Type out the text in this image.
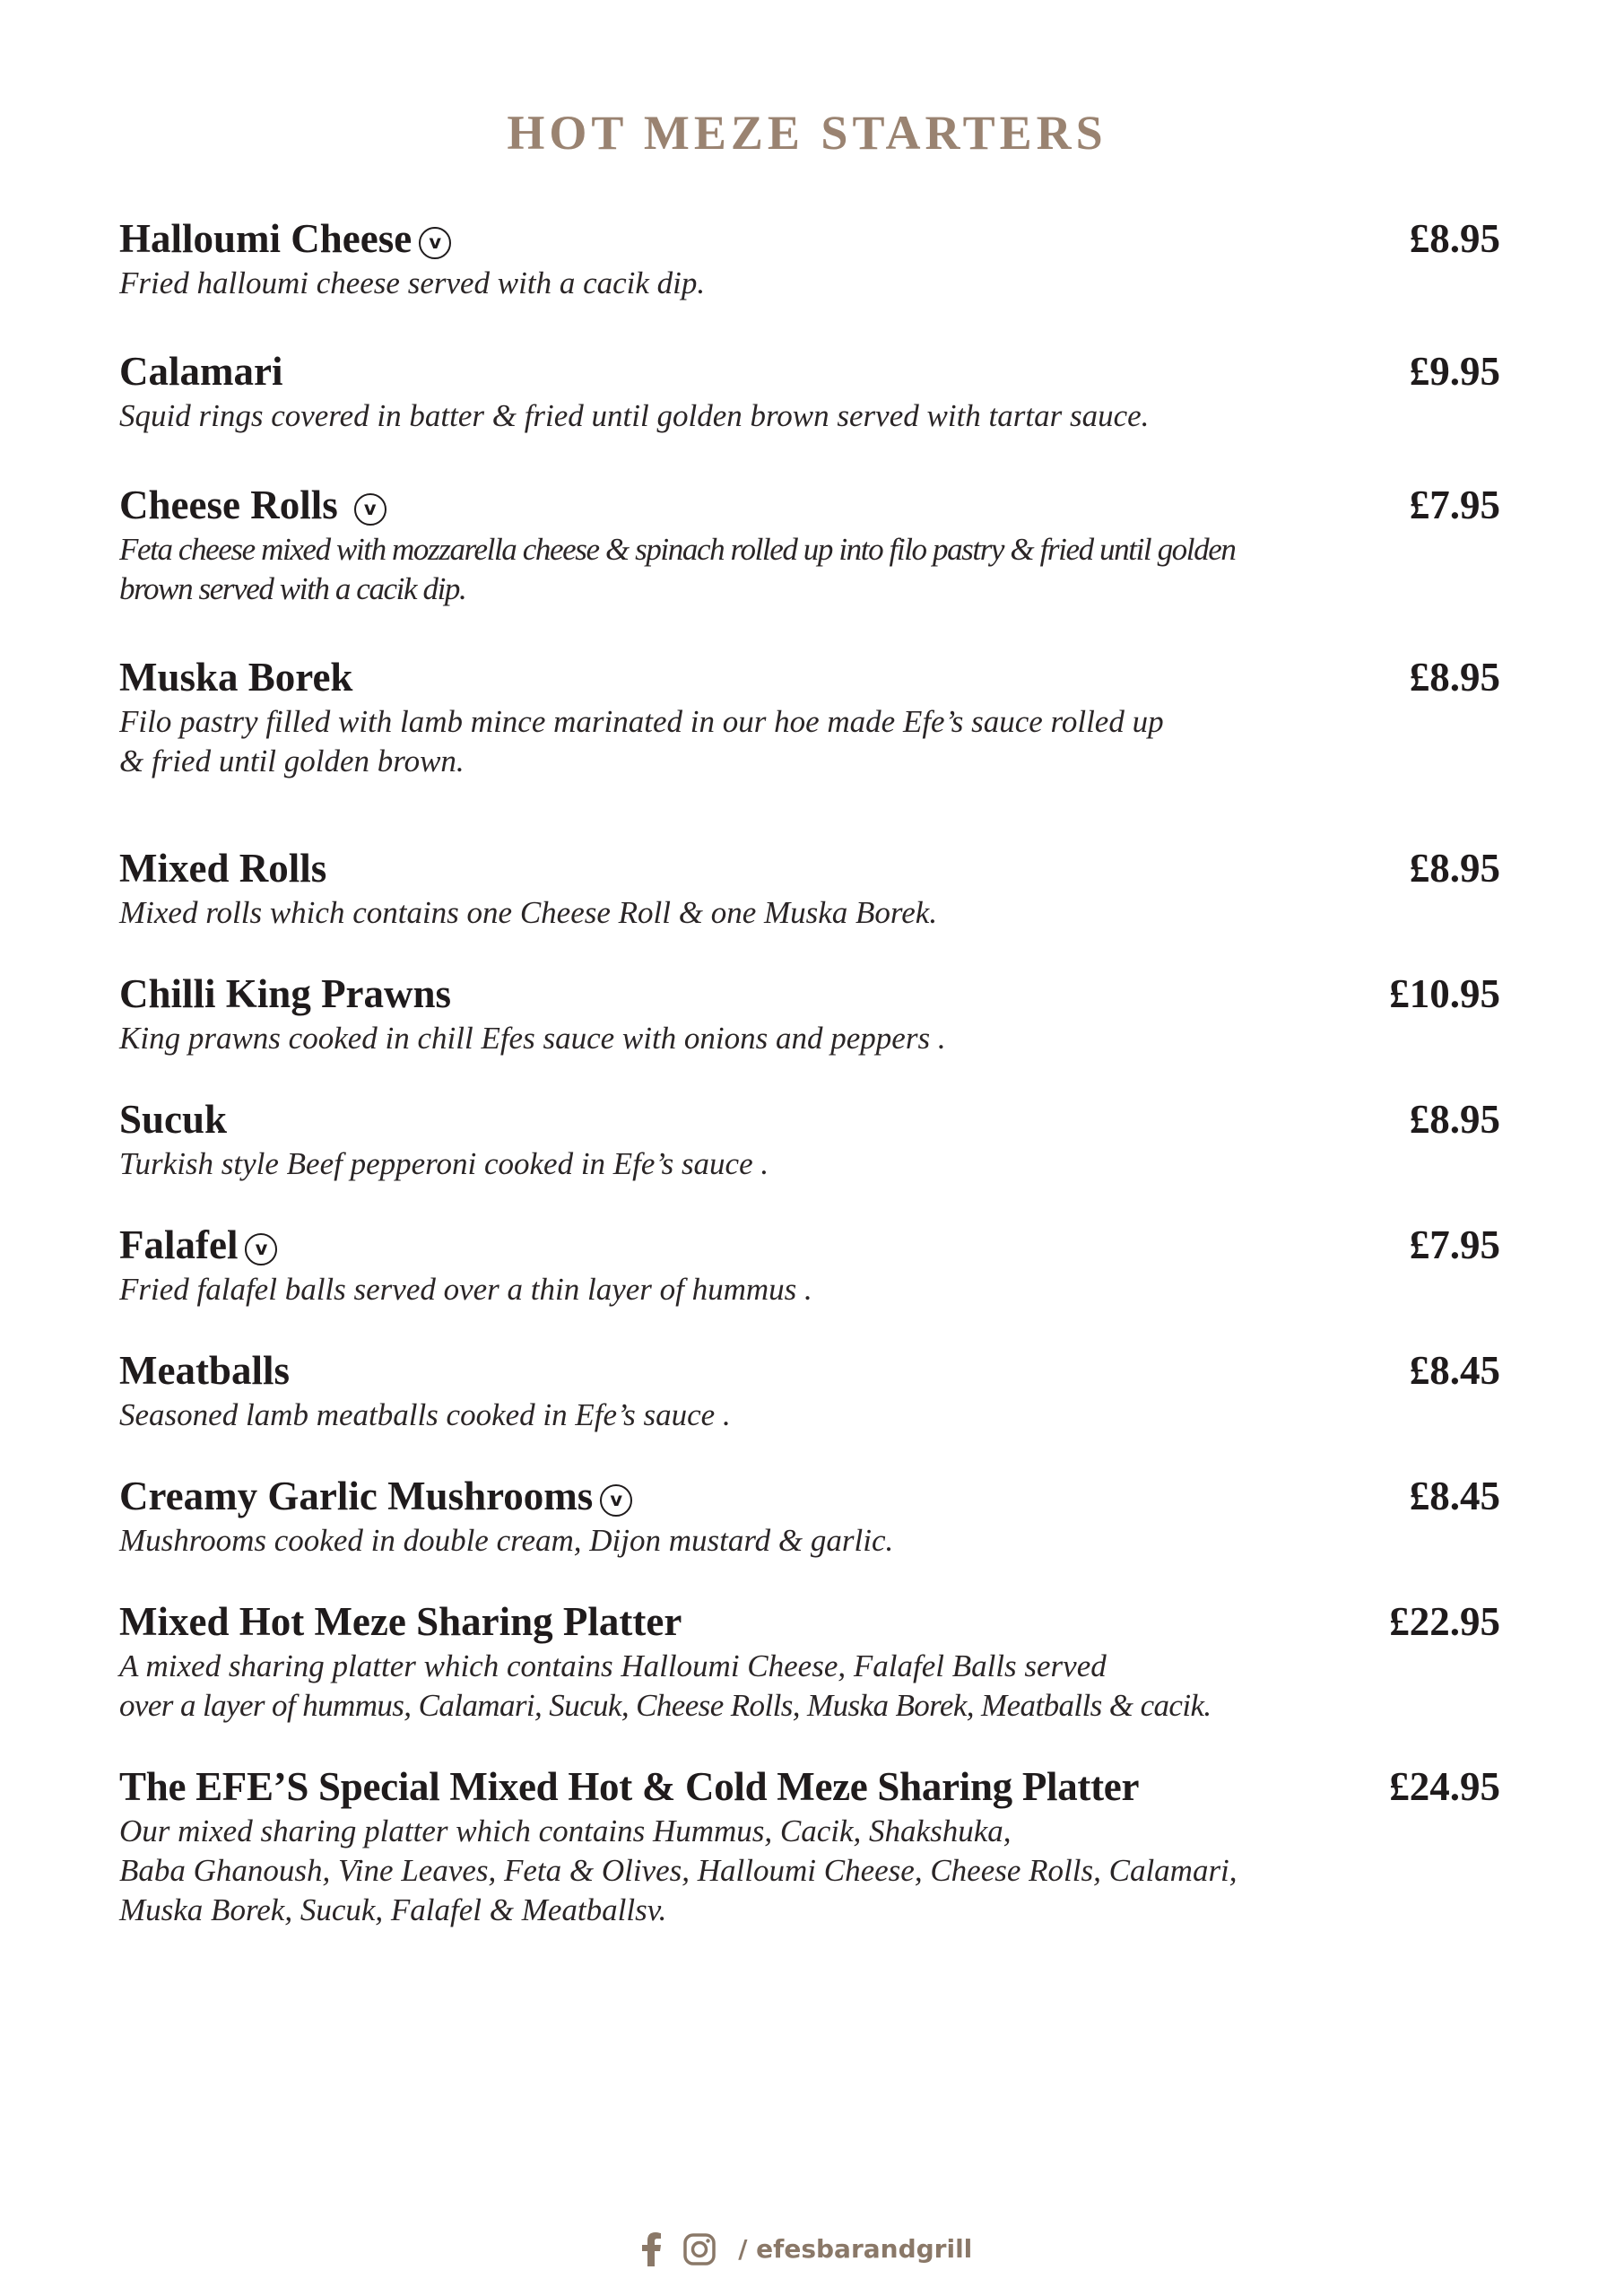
HOT MEZE STARTERS
Halloumi Cheese v	£8.95

Fried halloumi cheese served with a cacik dip.

Calamari	£9.95

Squid rings covered in batter & fried until golden brown served with tartar sauce.

Cheese Rolls v	£7.95

Feta cheese mixed with mozzarella cheese & spinach rolled up into filo pastry & fried until golden

brown served with a cacik dip.

Muska Borek	£8.95

Filo pastry filled with lamb mince marinated in our hoe made Efe’s sauce rolled up

& fried until golden brown.

Mixed Rolls	£8.95

Mixed rolls which contains one Cheese Roll & one Muska Borek.

Chilli King Prawns	£10.95

King prawns cooked in chill Efes sauce with onions and peppers .

Sucuk	£8.95

Turkish style Beef pepperoni cooked in Efe’s sauce .

Falafel v	£7.95

Fried falafel balls served over a thin layer of hummus .

Meatballs	£8.45

Seasoned lamb meatballs cooked in Efe’s sauce .

Creamy Garlic Mushrooms v	£8.45

Mushrooms cooked in double cream, Dijon mustard & garlic.

Mixed Hot Meze Sharing Platter	£22.95

A mixed sharing platter which contains Halloumi Cheese, Falafel Balls served

over a layer of hummus, Calamari, Sucuk, Cheese Rolls, Muska Borek, Meatballs & cacik.

The EFE’S Special Mixed Hot & Cold Meze Sharing Platter	£24.95

Our mixed sharing platter which contains Hummus, Cacik, Shakshuka,

Baba Ghanoush, Vine Leaves, Feta & Olives, Halloumi Cheese, Cheese Rolls, Calamari,

Muska Borek, Sucuk, Falafel & Meatballsv.

/ efesbarandgrill
